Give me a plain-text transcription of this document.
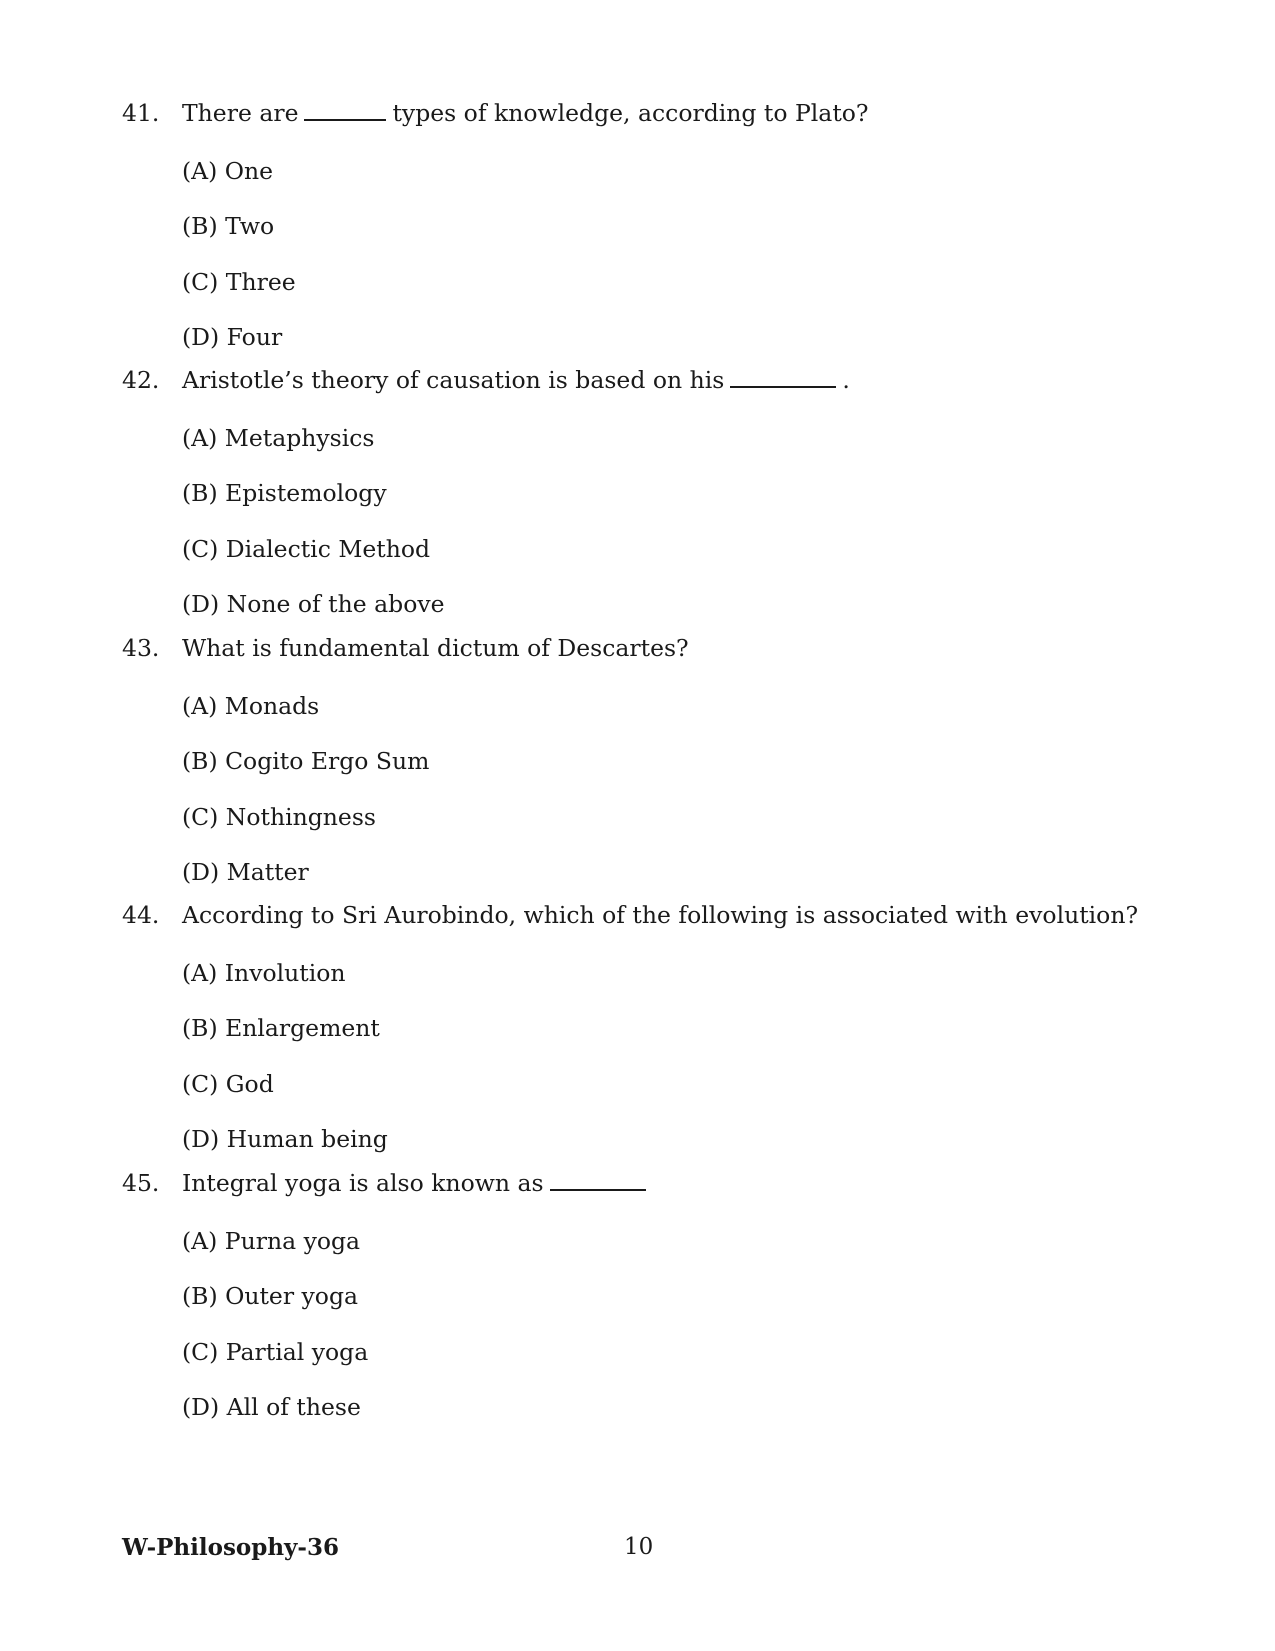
41. There are	types of knowledge, according to Plato?
(A) One
(B) Two
(C) Three
(D) Four
42. Aristotle’s theory of causation is based on his	.
(A) Metaphysics
(B) Epistemology
(C) Dialectic Method
(D) None of the above
43. What is fundamental dictum of Descartes?
(A) Monads
(B) Cogito Ergo Sum
(C) Nothingness
(D) Matter
44. According to Sri Aurobindo, which of the following is associated with evolution?
(A) Involution
(B) Enlargement
(C) God
(D) Human being
45. Integral yoga is also known as
(A) Purna yoga
(B) Outer yoga
(C) Partial yoga
(D) All of these
W-Philosophy-36	10
